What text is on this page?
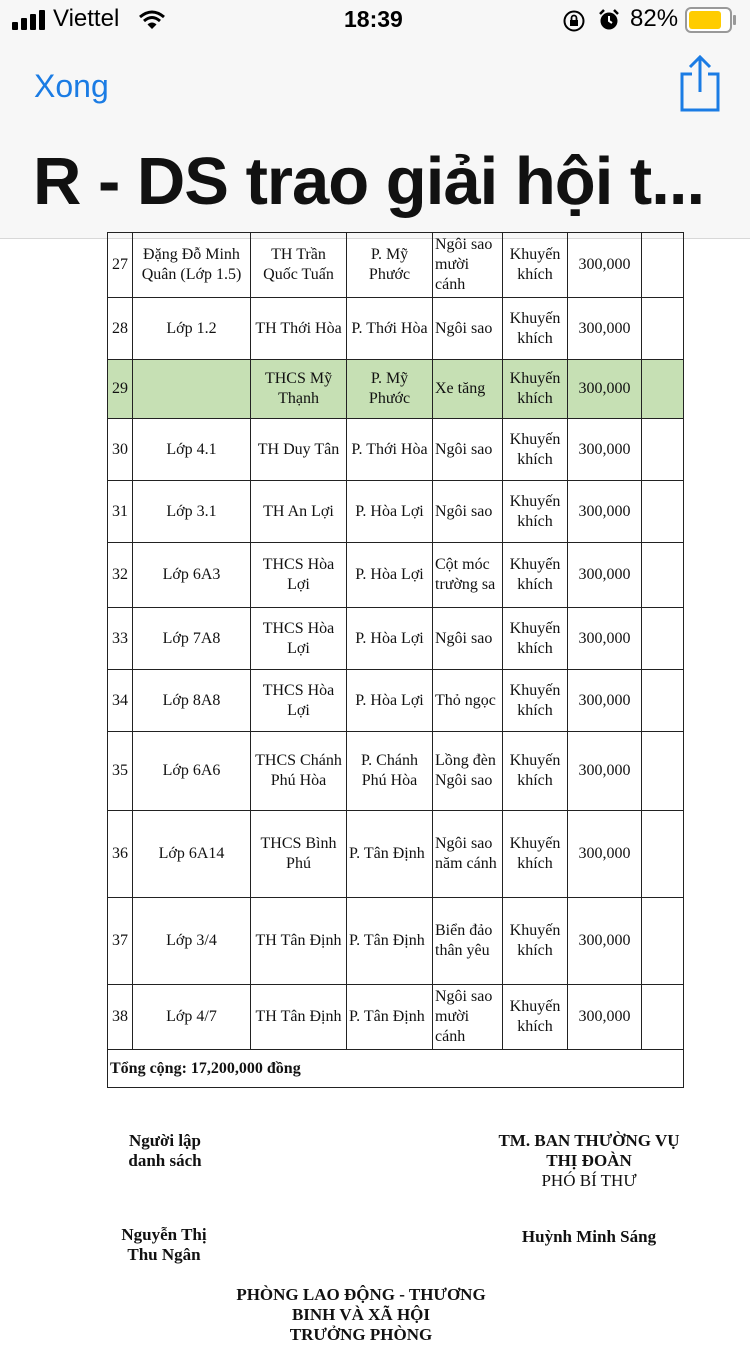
Viettel	18:39	82%
Xong
R - DS trao giải hội t...
27	Đặng Đỗ Minh Quân (Lớp 1.5)	TH Trần Quốc Tuấn	P. Mỹ Phước	Ngôi sao mười cánh	Khuyến khích	300,000	
28	Lớp 1.2	TH Thới Hòa	P. Thới Hòa	Ngôi sao	Khuyến khích	300,000	
29		THCS Mỹ Thạnh	P. Mỹ Phước	Xe tăng	Khuyến khích	300,000	
30	Lớp 4.1	TH Duy Tân	P. Thới Hòa	Ngôi sao	Khuyến khích	300,000	
31	Lớp 3.1	TH An Lợi	P. Hòa Lợi	Ngôi sao	Khuyến khích	300,000	
32	Lớp 6A3	THCS Hòa Lợi	P. Hòa Lợi	Cột móc trường sa	Khuyến khích	300,000	
33	Lớp 7A8	THCS Hòa Lợi	P. Hòa Lợi	Ngôi sao	Khuyến khích	300,000	
34	Lớp 8A8	THCS Hòa Lợi	P. Hòa Lợi	Thỏ ngọc	Khuyến khích	300,000	
35	Lớp 6A6	THCS Chánh Phú Hòa	P. Chánh Phú Hòa	Lồng đèn Ngôi sao	Khuyến khích	300,000	
36	Lớp 6A14	THCS Bình Phú	P. Tân Định	Ngôi sao năm cánh	Khuyến khích	300,000	
37	Lớp 3/4	TH Tân Định	P. Tân Định	Biển đảo thân yêu	Khuyến khích	300,000	
38	Lớp 4/7	TH Tân Định	P. Tân Định	Ngôi sao mười cánh	Khuyến khích	300,000	
Tổng cộng: 17,200,000 đồng							
Người lập danh sách
Nguyễn Thị Thu Ngân
TM. BAN THƯỜNG VỤ THỊ ĐOÀN
PHÓ BÍ THƯ
Huỳnh Minh Sáng
PHÒNG LAO ĐỘNG - THƯƠNG BINH VÀ XÃ HỘI
TRƯỞNG PHÒNG
